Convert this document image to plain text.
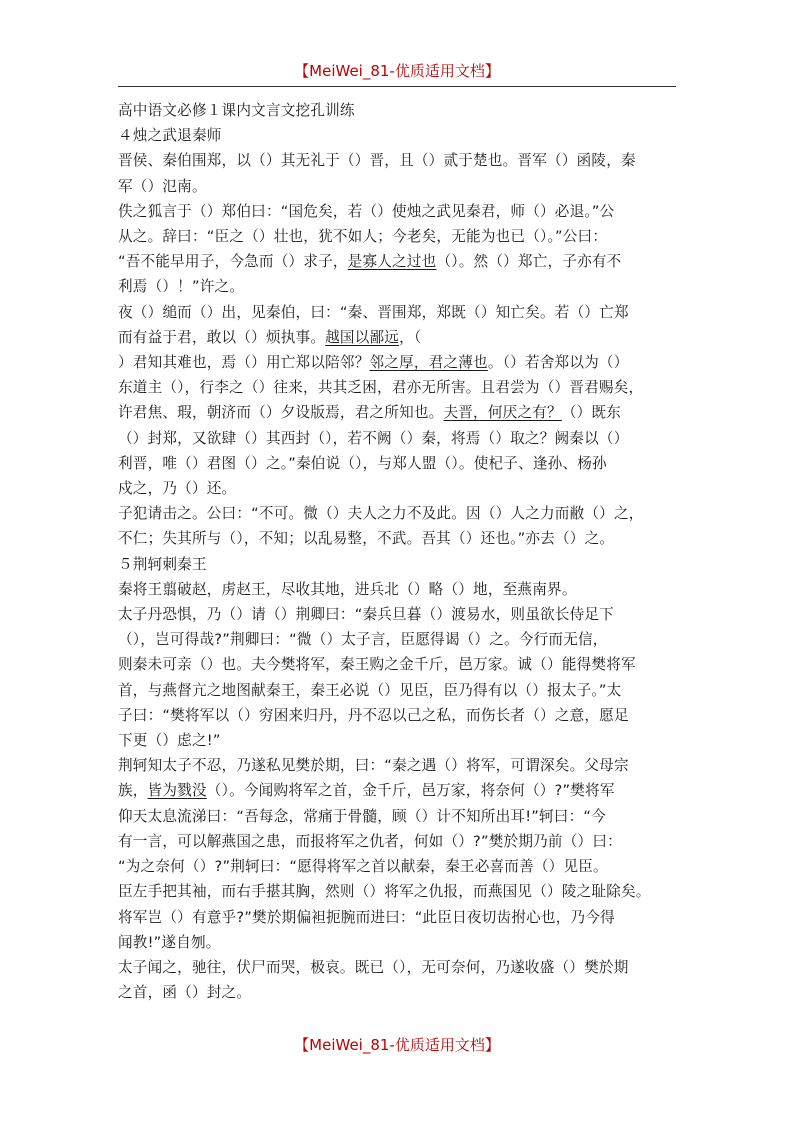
【MeiWei_81-优质适用文档】

高中语文必修１课内文言文挖孔训练

４烛之武退秦师

晋侯、秦伯围郑，以（）其无礼于（）晋，且（）贰于楚也。晋军（）函陵，秦

军（）氾南。

佚之狐言于（）郑伯曰：“国危矣，若（）使烛之武见秦君，师（）必退。”公

从之。辞曰：“臣之（）壮也，犹不如人；今老矣，无能为也已（）。”公曰：

“吾不能早用子，今急而（）求子，是寡人之过也（）。然（）郑亡，子亦有不

利焉（）！”许之。

夜（）缒而（）出，见秦伯，曰：“秦、晋围郑，郑既（）知亡矣。若（）亡郑

而有益于君，敢以（）烦执事。越国以鄙远，（

）君知其难也，焉（）用亡郑以陪邻？邻之厚，君之薄也。（）若舍郑以为（）

东道主（），行李之（）往来，共其乏困，君亦无所害。且君尝为（）晋君赐矣，

许君焦、瑕，朝济而（）夕设版焉，君之所知也。夫晋，何厌之有？（）既东

（）封郑，又欲肆（）其西封（），若不阙（）秦，将焉（）取之？阙秦以（）

利晋，唯（）君图（）之。”秦伯说（），与郑人盟（）。使杞子、逢孙、杨孙

戍之，乃（）还。

子犯请击之。公曰：“不可。微（）夫人之力不及此。因（）人之力而敝（）之，

不仁；失其所与（），不知；以乱易整，不武。吾其（）还也。”亦去（）之。

５荆轲刺秦王

秦将王翦破赵，虏赵王，尽收其地，进兵北（）略（）地，至燕南界。

太子丹恐惧，乃（）请（）荆卿曰：“秦兵旦暮（）渡易水，则虽欲长侍足下

（），岂可得哉?”荆卿曰：“微（）太子言，臣愿得谒（）之。今行而无信，

则秦未可亲（）也。夫今樊将军，秦王购之金千斤，邑万家。诚（）能得樊将军

首，与燕督亢之地图献秦王，秦王必说（）见臣，臣乃得有以（）报太子。”太

子曰：“樊将军以（）穷困来归丹，丹不忍以己之私，而伤长者（）之意，愿足

下更（）虑之!”

荆轲知太子不忍，乃遂私见樊於期，曰：“秦之遇（）将军，可谓深矣。父母宗

族，皆为戮没（）。今闻购将军之首，金千斤，邑万家，将奈何（）?”樊将军

仰天太息流涕曰：“吾每念，常痛于骨髓，顾（）计不知所出耳!”轲曰：“今

有一言，可以解燕国之患，而报将军之仇者，何如（）?”樊於期乃前（）曰：

“为之奈何（）?”荆轲曰：“愿得将军之首以献秦，秦王必喜而善（）见臣。

臣左手把其袖，而右手揕其胸，然则（）将军之仇报，而燕国见（）陵之耻除矣。

将军岂（）有意乎?”樊於期偏袒扼腕而进曰：“此臣日夜切齿拊心也，乃今得

闻教!”遂自刎。

太子闻之，驰往，伏尸而哭，极哀。既已（），无可奈何，乃遂收盛（）樊於期

之首，函（）封之。

【MeiWei_81-优质适用文档】
